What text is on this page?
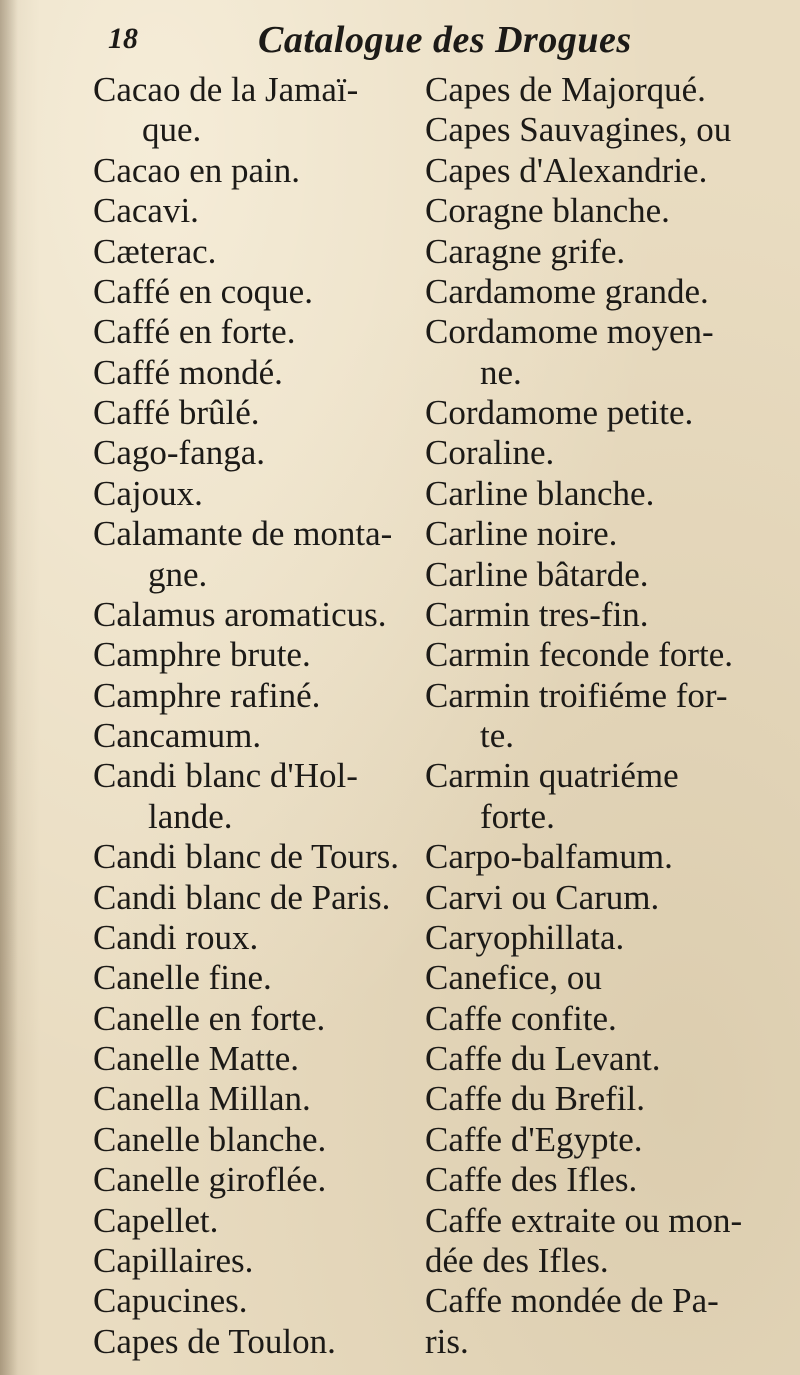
18	Catalogue des Drogues
Cacao de la Jamaï-
que.
Cacao en pain.
Cacavi.
Cæterac.
Caffé en coque.
Caffé en forte.
Caffé mondé.
Caffé brûlé.
Cago-fanga.
Cajoux.
Calamante de monta-
gne.
Calamus aromaticus.
Camphre brute.
Camphre rafiné.
Cancamum.
Candi blanc d'Hol-
lande.
Candi blanc de Tours.
Candi blanc de Paris.
Candi roux.
Canelle fine.
Canelle en forte.
Canelle Matte.
Canella Millan.
Canelle blanche.
Canelle giroflée.
Capellet.
Capillaires.
Capucines.
Capes de Toulon.
Capes de Majorqué.
Capes Sauvagines, ou
Capes d'Alexandrie.
Coragne blanche.
Caragne grife.
Cardamome grande.
Cordamome moyen-
ne.
Cordamome petite.
Coraline.
Carline blanche.
Carline noire.
Carline bâtarde.
Carmin tres-fin.
Carmin feconde forte.
Carmin troifiéme for-
te.
Carmin quatriéme
forte.
Carpo-balfamum.
Carvi ou Carum.
Caryophillata.
Canefice, ou
Caffe confite.
Caffe du Levant.
Caffe du Brefil.
Caffe d'Egypte.
Caffe des Ifles.
Caffe extraite ou mon-
dée des Ifles.
Caffe mondée de Pa-
ris.
